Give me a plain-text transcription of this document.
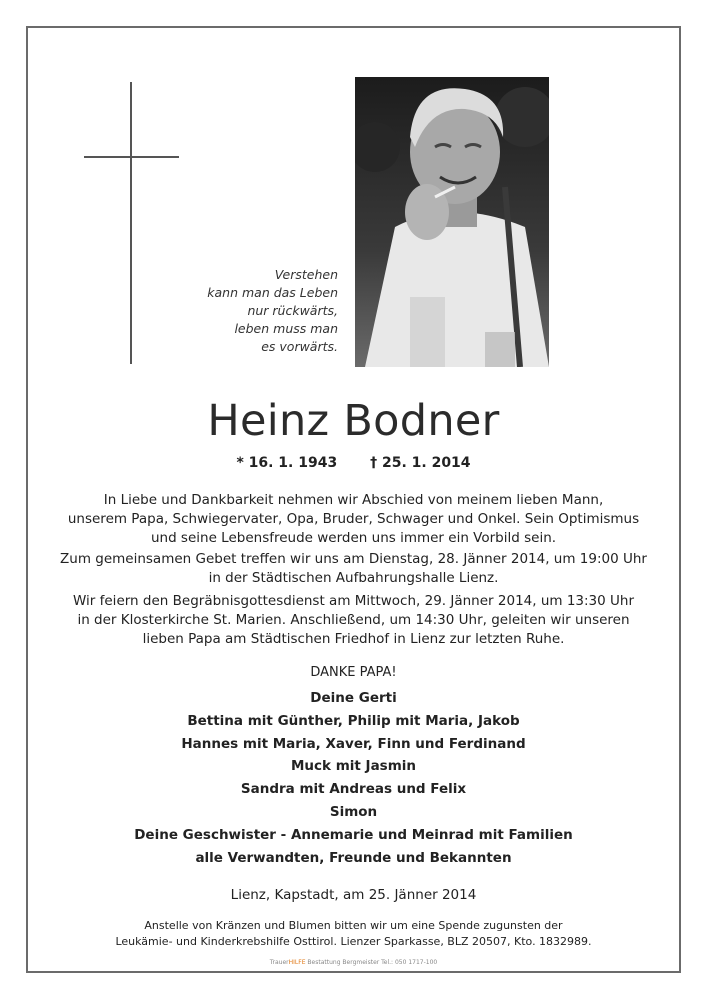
Verstehen
kann man das Leben
nur rückwärts,
leben muss man
es vorwärts.
Heinz Bodner
* 16. 1. 1943 † 25. 1. 2014
In Liebe und Dankbarkeit nehmen wir Abschied von meinem lieben Mann,
unserem Papa, Schwiegervater, Opa, Bruder, Schwager und Onkel. Sein Optimismus
und seine Lebensfreude werden uns immer ein Vorbild sein.
Zum gemeinsamen Gebet treffen wir uns am Dienstag, 28. Jänner 2014, um 19:00 Uhr
in der Städtischen Aufbahrungshalle Lienz.
Wir feiern den Begräbnisgottesdienst am Mittwoch, 29. Jänner 2014, um 13:30 Uhr
in der Klosterkirche St. Marien. Anschließend, um 14:30 Uhr, geleiten wir unseren
lieben Papa am Städtischen Friedhof in Lienz zur letzten Ruhe.
DANKE PAPA!
Deine Gerti
Bettina mit Günther, Philip mit Maria, Jakob
Hannes mit Maria, Xaver, Finn und Ferdinand
Muck mit Jasmin
Sandra mit Andreas und Felix
Simon
Deine Geschwister - Annemarie und Meinrad mit Familien
alle Verwandten, Freunde und Bekannten
Lienz, Kapstadt, am 25. Jänner 2014
Anstelle von Kränzen und Blumen bitten wir um eine Spende zugunsten der
Leukämie- und Kinderkrebshilfe Osttirol. Lienzer Sparkasse, BLZ 20507, Kto. 1832989.
TrauerHILFE Bestattung Bergmeister Tel.: 050 1717-100
